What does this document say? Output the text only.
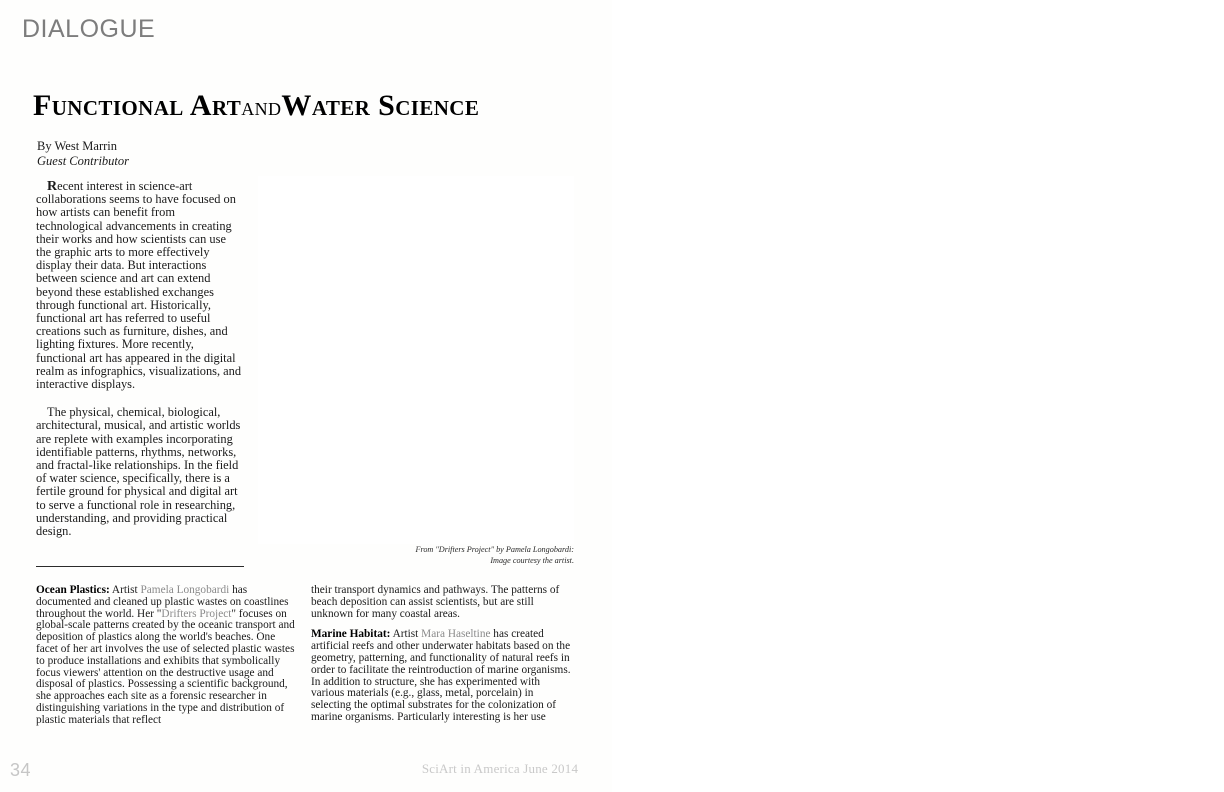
DIALOGUE
Functional ArtandWater Science
By West Marrin
Guest Contributor

Recent interest in science-art collaborations seems to have focused on how artists can benefit from technological advancements in creating their works and how scientists can use the graphic arts to more effectively display their data. But interactions between science and art can extend beyond these established exchanges through functional art. Historically, functional art has referred to useful creations such as furniture, dishes, and lighting fixtures. More recently, functional art has appeared in the digital realm as infographics, visualizations, and interactive displays.

The physical, chemical, biological, architectural, musical, and artistic worlds are replete with examples incorporating identifiable patterns, rhythms, networks, and fractal-like relationships. In the field of water science, specifically, there is a fertile ground for physical and digital art to serve a functional role in researching, understanding, and providing practical design.

From "Drifters Project" by Pamela Longobardi:
Image courtesy the artist.

Ocean Plastics: Artist Pamela Longobardi has documented and cleaned up plastic wastes on coastlines throughout the world. Her "Drifters Project" focuses on global-scale patterns created by the oceanic transport and deposition of plastics along the world's beaches. One facet of her art involves the use of selected plastic wastes to produce installations and exhibits that symbolically focus viewers' attention on the destructive usage and disposal of plastics. Possessing a scientific background, she approaches each site as a forensic researcher in distinguishing variations in the type and distribution of plastic materials that reflect

their transport dynamics and pathways. The patterns of beach deposition can assist scientists, but are still unknown for many coastal areas.

Marine Habitat: Artist Mara Haseltine has created artificial reefs and other underwater habitats based on the geometry, patterning, and functionality of natural reefs in order to facilitate the reintroduction of marine organisms. In addition to structure, she has experimented with various materials (e.g., glass, metal, porcelain) in selecting the optimal substrates for the colonization of marine organisms. Particularly interesting is her use

34	SciArt in America June 2014
